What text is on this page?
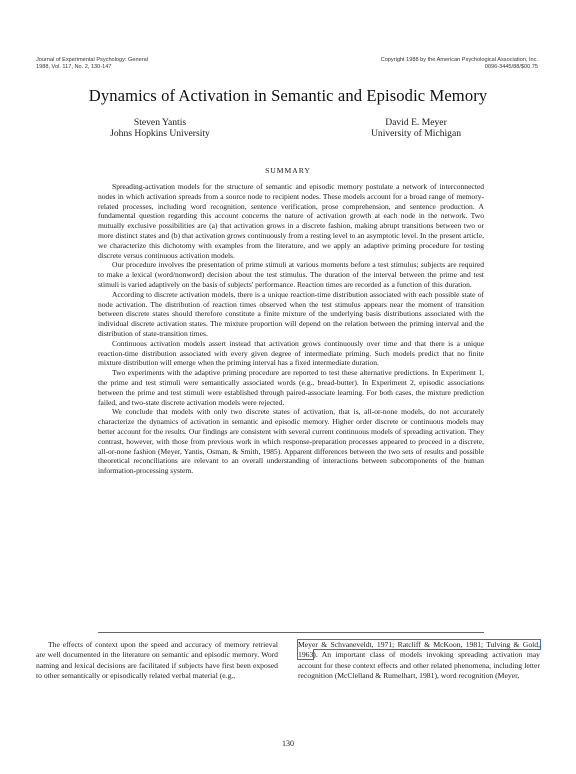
Journal of Experimental Psychology: General
1988, Vol. 117, No. 2, 130-147
Copyright 1988 by the American Psychological Association, Inc.
0096-3445/88/$00.75
Dynamics of Activation in Semantic and Episodic Memory
Steven Yantis
Johns Hopkins University
David E. Meyer
University of Michigan
SUMMARY

Spreading-activation models for the structure of semantic and episodic memory postulate a network of interconnected nodes in which activation spreads from a source node to recipient nodes. These models account for a broad range of memory-related processes, including word recognition, sentence verification, prose comprehension, and sentence production. A fundamental question regarding this account concerns the nature of activation growth at each node in the network. Two mutually exclusive possibilities are (a) that activation grows in a discrete fashion, making abrupt transitions between two or more distinct states and (b) that activation grows continuously from a resting level to an asymptotic level. In the present article, we characterize this dichotomy with examples from the literature, and we apply an adaptive priming procedure for testing discrete versus continuous activation models.

Our procedure involves the presentation of prime stimuli at various moments before a test stimulus; subjects are required to make a lexical (word/nonword) decision about the test stimulus. The duration of the interval between the prime and test stimuli is varied adaptively on the basis of subjects' performance. Reaction times are recorded as a function of this duration.

According to discrete activation models, there is a unique reaction-time distribution associated with each possible state of node activation. The distribution of reaction times observed when the test stimulus appears near the moment of transition between discrete states should therefore constitute a finite mixture of the underlying basis distributions associated with the individual discrete activation states. The mixture proportion will depend on the relation between the priming interval and the distribution of state-transition times.

Continuous activation models assert instead that activation grows continuously over time and that there is a unique reaction-time distribution associated with every given degree of intermediate priming. Such models predict that no finite mixture distribution will emerge when the priming interval has a fixed intermediate duration.

Two experiments with the adaptive priming procedure are reported to test these alternative predictions. In Experiment 1, the prime and test stimuli were semantically associated words (e.g., bread-butter). In Experiment 2, episodic associations between the prime and test stimuli were established through paired-associate learning. For both cases, the mixture prediction failed, and two-state discrete activation models were rejected.

We conclude that models with only two discrete states of activation, that is, all-or-none models, do not accurately characterize the dynamics of activation in semantic and episodic memory. Higher order discrete or continuous models may better account for the results. Our findings are consistent with several current continuous models of spreading activation. They contrast, however, with those from previous work in which response-preparation processes appeared to proceed in a discrete, all-or-none fashion (Meyer, Yantis, Osman, & Smith, 1985). Apparent differences between the two sets of results and possible theoretical reconciliations are relevant to an overall understanding of interactions between subcomponents of the human information-processing system.

The effects of context upon the speed and accuracy of memory retrieval are well documented in the literature on semantic and episodic memory. Word naming and lexical decisions are facilitated if subjects have first been exposed to other semantically or episodically related verbal material (e.g.,

Meyer & Schvaneveldt, 1971; Ratcliff & McKoon, 1981; Tulving & Gold, 1963). An important class of models invoking spreading activation may account for these context effects and other related phenomena, including letter recognition (McClelland & Rumelhart, 1981), word recognition (Meyer,

130
